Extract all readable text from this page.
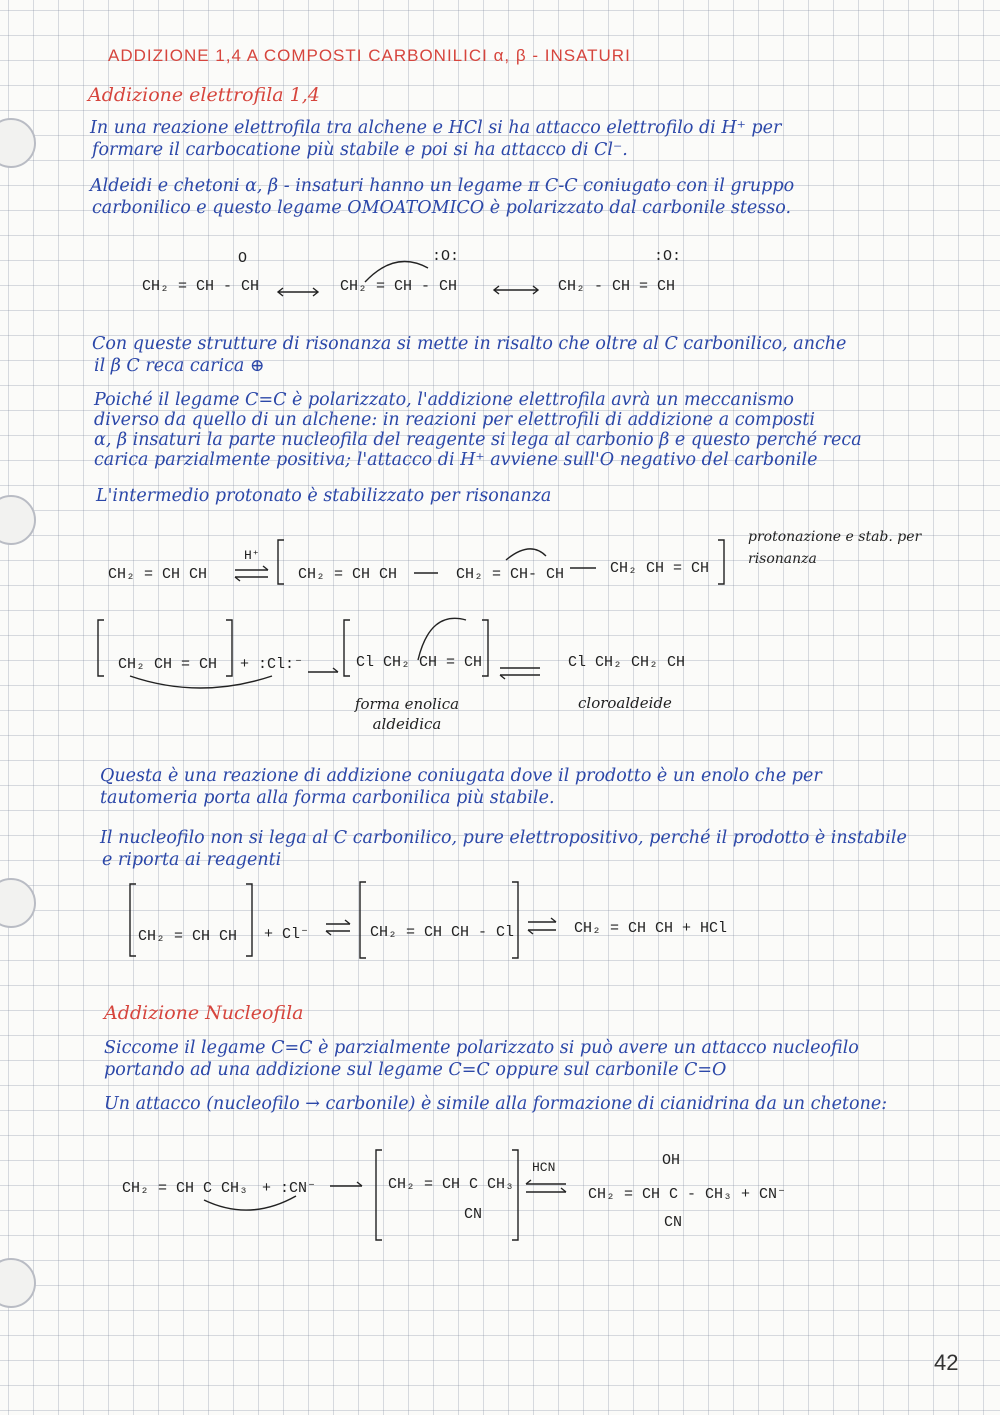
ADDIZIONE 1,4 A COMPOSTI CARBONILICI α, β - INSATURI
Addizione elettrofila 1,4
In una reazione elettrofila tra alchene e HCl si ha attacco elettrofilo di H⁺ per
formare il carbocatione più stabile e poi si ha attacco di Cl⁻.
Aldeidi e chetoni α, β - insaturi hanno un legame π C-C coniugato con il gruppo
carbonilico e questo legame OMOATOMICO è polarizzato dal carbonile stesso.
O
CH₂ = CH - CH
:O:
CH₂ = CH - CH
:O:
CH₂ - CH = CH
Con queste strutture di risonanza si mette in risalto che oltre al C carbonilico, anche
il β C reca carica ⊕
Poiché il legame C=C è polarizzato, l'addizione elettrofila avrà un meccanismo
diverso da quello di un alchene: in reazioni per elettrofili di addizione a composti
α, β insaturi la parte nucleofila del reagente si lega al carbonio β e questo perché reca
carica parzialmente positiva; l'attacco di H⁺ avviene sull'O negativo del carbonile
L'intermedio protonato è stabilizzato per risonanza
CH₂ = CH CH
H⁺
CH₂ = CH CH	CH₂ = CH- CH	CH₂ CH = CH
protonazione e stab. per risonanza
CH₂ CH = CH + :Cl:⁻	Cl CH₂ CH = CH	Cl CH₂ CH₂ CH
forma enolica aldeidica
cloroaldeide
Questa è una reazione di addizione coniugata dove il prodotto è un enolo che per
tautomeria porta alla forma carbonilica più stabile.
Il nucleofilo non si lega al C carbonilico, pure elettropositivo, perché il prodotto è instabile
e riporta ai reagenti
CH₂ = CH CH + Cl⁻	CH₂ = CH CH - Cl	CH₂ = CH CH + HCl
Addizione Nucleofila
Siccome il legame C=C è parzialmente polarizzato si può avere un attacco nucleofilo
portando ad una addizione sul legame C=C oppure sul carbonile C=O
Un attacco (nucleofilo → carbonile) è simile alla formazione di cianidrina da un chetone:
CH₂ = CH C CH₃ + :CN⁻	CH₂ = CH C CH₃
CN
HCN	OH
CH₂ = CH C - CH₃ + CN⁻
CN
42
